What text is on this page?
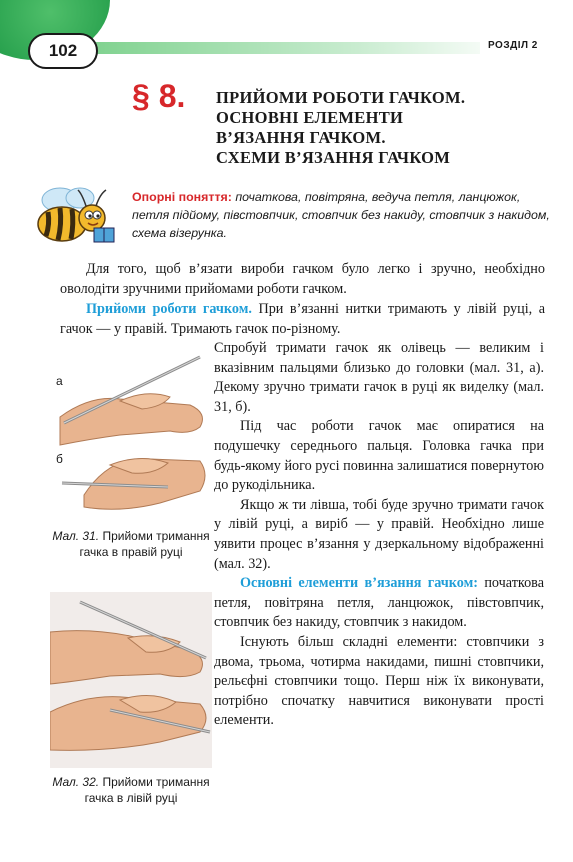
102	РОЗДІЛ 2
§ 8. ПРИЙОМИ РОБОТИ ГАЧКОМ.
ОСНОВНІ ЕЛЕМЕНТИ
В’ЯЗАННЯ ГАЧКОМ.
СХЕМИ В’ЯЗАННЯ ГАЧКОМ
Опорні поняття: початкова, повітряна, ведуча петля, ланцюжок, петля підйому, півстовпчик, стовпчик без накиду, стовпчик з накидом, схема візерунка.

Для того, щоб в’язати вироби гачком було легко і зручно, необхідно оволодіти зручними прийомами роботи гачком.

Прийоми роботи гачком. При в’язанні нитки тримають у лівій руці, а гачок — у правій. Тримають гачок по-різному.

а
б
Мал. 31. Прийоми тримання гачка в правій руці
Мал. 32. Прийоми тримання гачка в лівій руці

Спробуй тримати гачок як олівець — великим і вказівним пальцями близько до головки (мал. 31, а). Декому зручно тримати гачок в руці як виделку (мал. 31, б).

Під час роботи гачок має опиратися на подушечку середнього пальця. Головка гачка при будь-якому його русі повинна залишатися повернутою до рукодільника.

Якщо ж ти лівша, тобі буде зручно тримати гачок у лівій руці, а виріб — у правій. Необхідно лише уявити процес в’язання у дзеркальному відображенні (мал. 32).

Основні елементи в’язання гачком: початкова петля, повітряна петля, ланцюжок, півстовпчик, стовпчик без накиду, стовпчик з накидом.

Існують більш складні елементи: стовпчики з двома, трьома, чотирма накидами, пишні стовпчики, рельєфні стовпчики тощо. Перш ніж їх виконувати, потрібно спочатку навчитися виконувати прості елементи.
